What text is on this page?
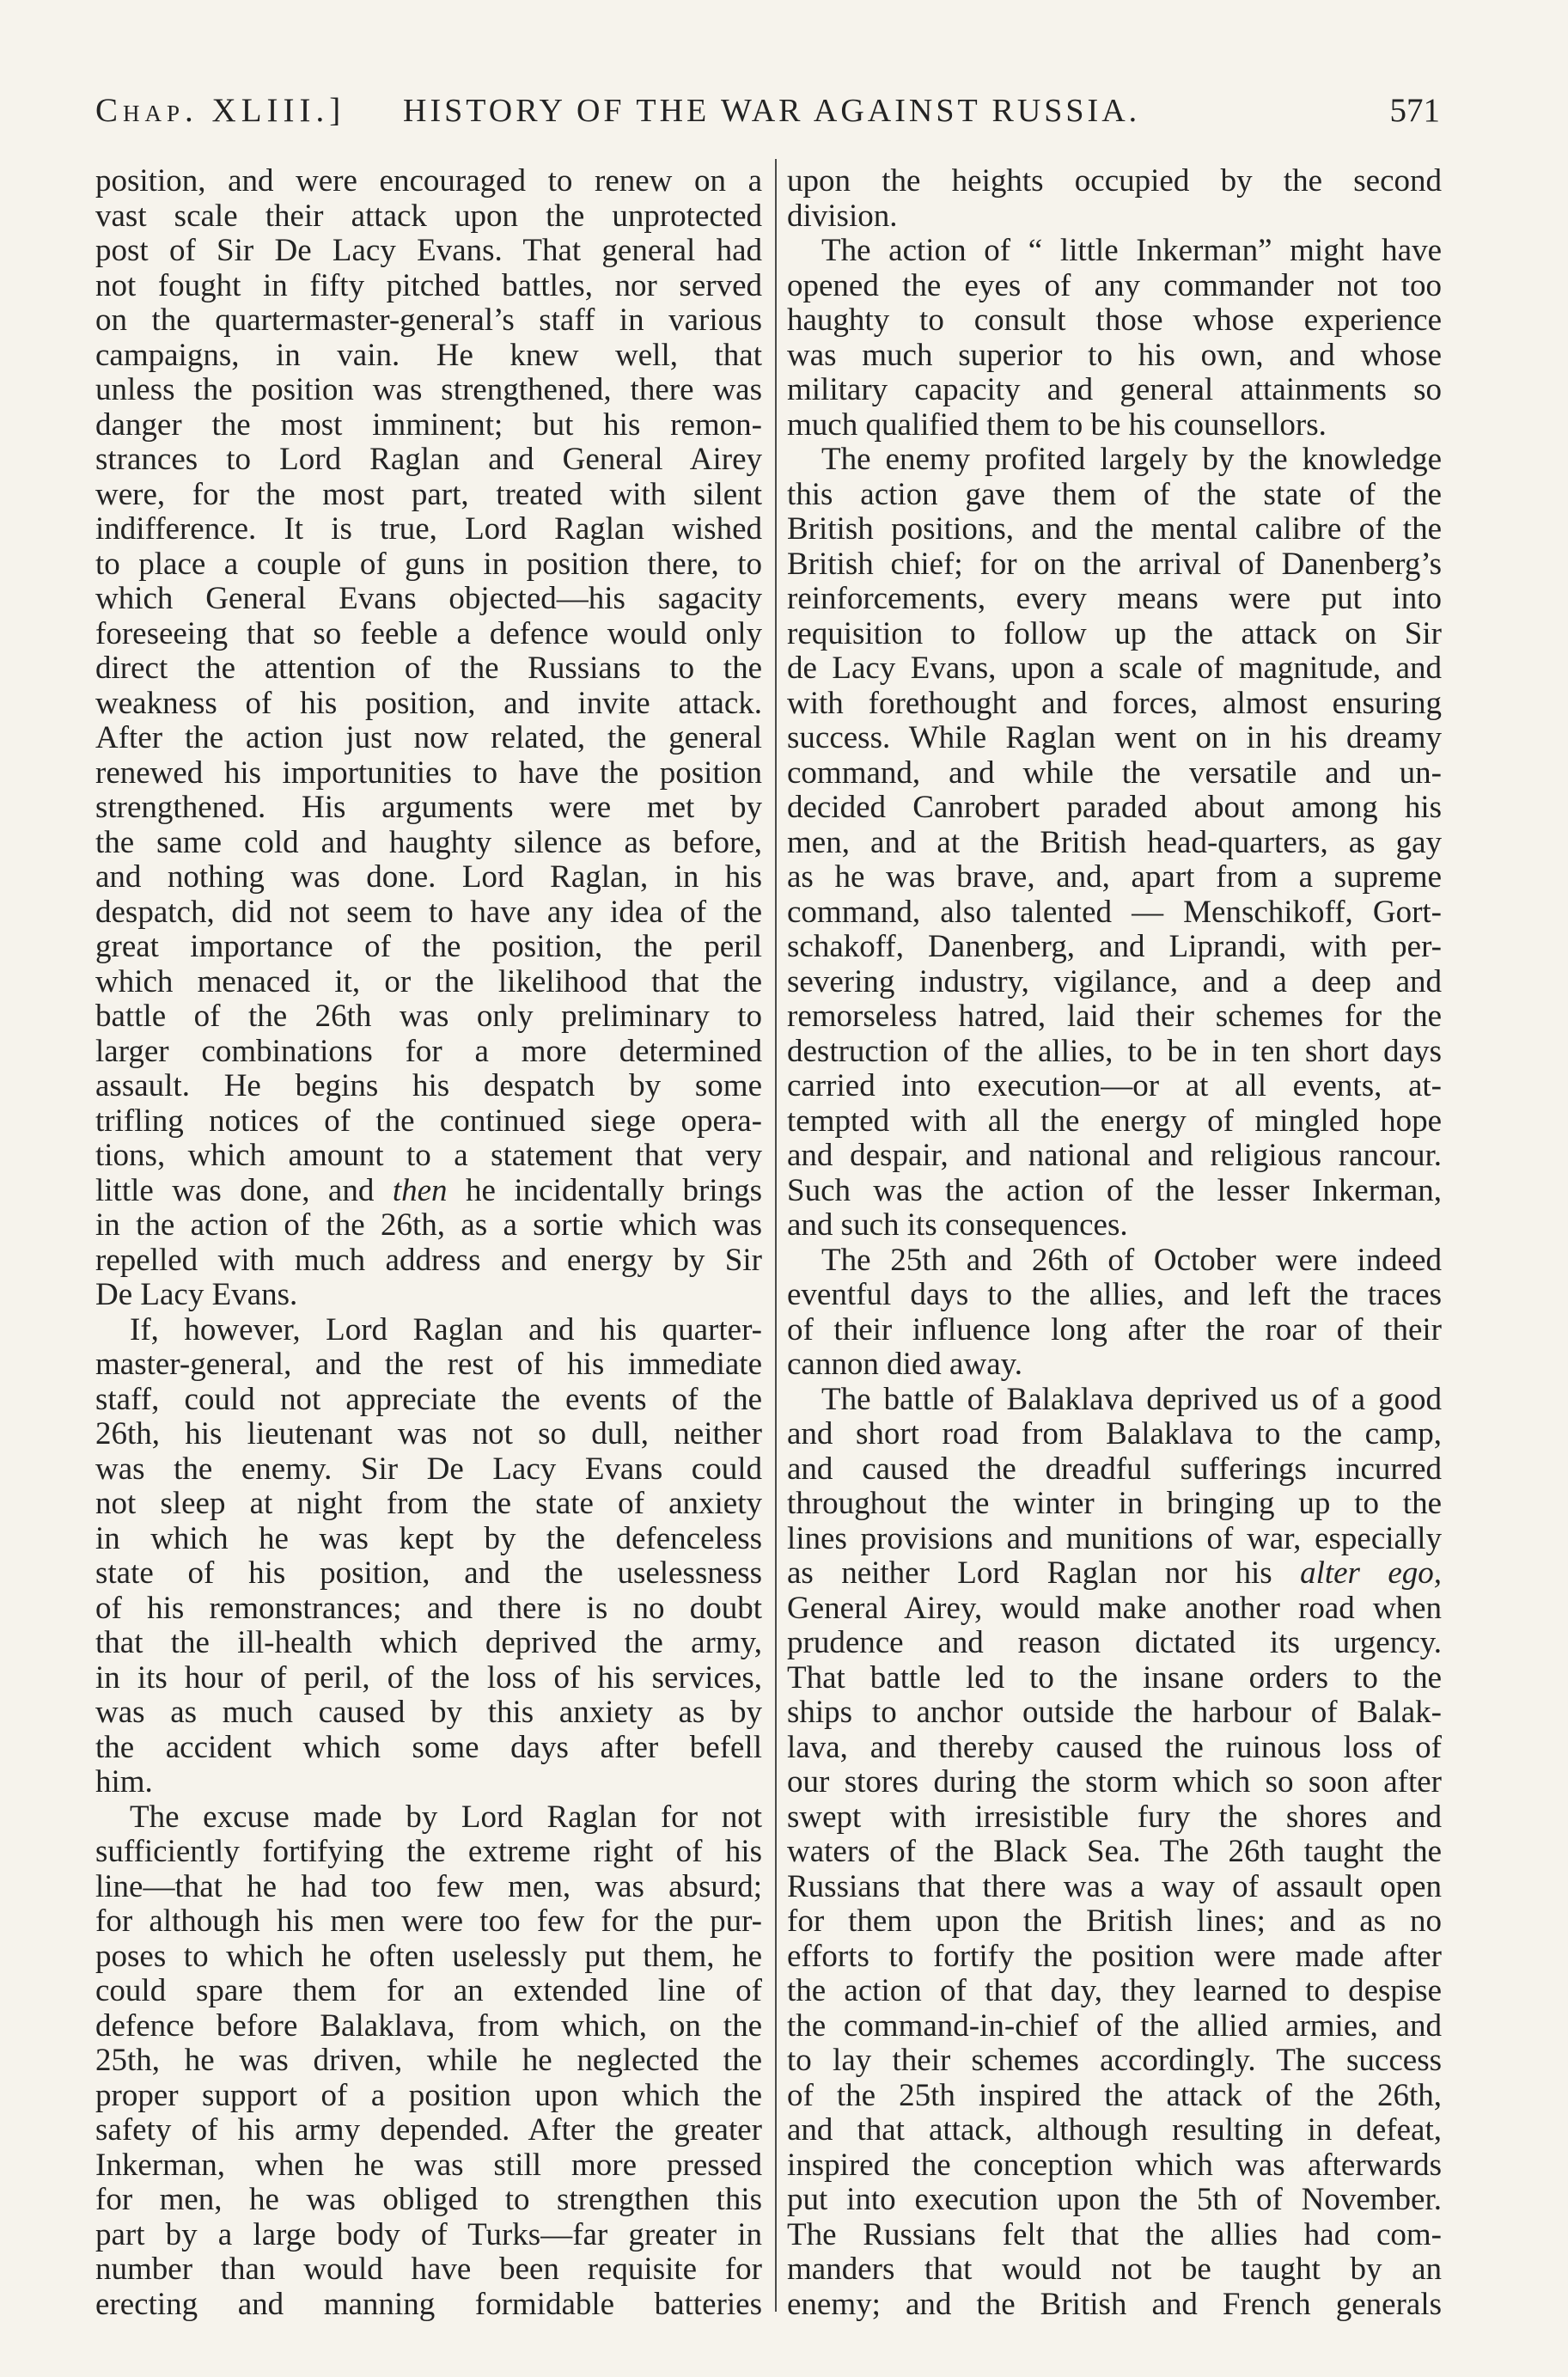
Chap. XLIII.] HISTORY OF THE WAR AGAINST RUSSIA.	571
position, and were encouraged to renew on a
vast scale their attack upon the unprotected
post of Sir De Lacy Evans. That general had
not fought in fifty pitched battles, nor served
on the quartermaster-general’s staff in various
campaigns, in vain. He knew well, that
unless the position was strengthened, there was
danger the most imminent; but his remon-
strances to Lord Raglan and General Airey
were, for the most part, treated with silent
indifference. It is true, Lord Raglan wished
to place a couple of guns in position there, to
which General Evans objected—his sagacity
foreseeing that so feeble a defence would only
direct the attention of the Russians to the
weakness of his position, and invite attack.
After the action just now related, the general
renewed his importunities to have the position
strengthened. His arguments were met by
the same cold and haughty silence as before,
and nothing was done. Lord Raglan, in his
despatch, did not seem to have any idea of the
great importance of the position, the peril
which menaced it, or the likelihood that the
battle of the 26th was only preliminary to
larger combinations for a more determined
assault. He begins his despatch by some
trifling notices of the continued siege opera-
tions, which amount to a statement that very
little was done, and then he incidentally brings
in the action of the 26th, as a sortie which was
repelled with much address and energy by Sir
De Lacy Evans.
If, however, Lord Raglan and his quarter-
master-general, and the rest of his immediate
staff, could not appreciate the events of the
26th, his lieutenant was not so dull, neither
was the enemy. Sir De Lacy Evans could
not sleep at night from the state of anxiety
in which he was kept by the defenceless
state of his position, and the uselessness
of his remonstrances; and there is no doubt
that the ill-health which deprived the army,
in its hour of peril, of the loss of his services,
was as much caused by this anxiety as by
the accident which some days after befell
him.
The excuse made by Lord Raglan for not
sufficiently fortifying the extreme right of his
line—that he had too few men, was absurd;
for although his men were too few for the pur-
poses to which he often uselessly put them, he
could spare them for an extended line of
defence before Balaklava, from which, on the
25th, he was driven, while he neglected the
proper support of a position upon which the
safety of his army depended. After the greater
Inkerman, when he was still more pressed
for men, he was obliged to strengthen this
part by a large body of Turks—far greater in
number than would have been requisite for
erecting and manning formidable batteries
upon the heights occupied by the second
division.
The action of “ little Inkerman” might have
opened the eyes of any commander not too
haughty to consult those whose experience
was much superior to his own, and whose
military capacity and general attainments so
much qualified them to be his counsellors.
The enemy profited largely by the knowledge
this action gave them of the state of the
British positions, and the mental calibre of the
British chief; for on the arrival of Danenberg’s
reinforcements, every means were put into
requisition to follow up the attack on Sir
de Lacy Evans, upon a scale of magnitude, and
with forethought and forces, almost ensuring
success. While Raglan went on in his dreamy
command, and while the versatile and un-
decided Canrobert paraded about among his
men, and at the British head-quarters, as gay
as he was brave, and, apart from a supreme
command, also talented — Menschikoff, Gort-
schakoff, Danenberg, and Liprandi, with per-
severing industry, vigilance, and a deep and
remorseless hatred, laid their schemes for the
destruction of the allies, to be in ten short days
carried into execution—or at all events, at-
tempted with all the energy of mingled hope
and despair, and national and religious rancour.
Such was the action of the lesser Inkerman,
and such its consequences.
The 25th and 26th of October were indeed
eventful days to the allies, and left the traces
of their influence long after the roar of their
cannon died away.
The battle of Balaklava deprived us of a good
and short road from Balaklava to the camp,
and caused the dreadful sufferings incurred
throughout the winter in bringing up to the
lines provisions and munitions of war, especially
as neither Lord Raglan nor his alter ego,
General Airey, would make another road when
prudence and reason dictated its urgency.
That battle led to the insane orders to the
ships to anchor outside the harbour of Balak-
lava, and thereby caused the ruinous loss of
our stores during the storm which so soon after
swept with irresistible fury the shores and
waters of the Black Sea. The 26th taught the
Russians that there was a way of assault open
for them upon the British lines; and as no
efforts to fortify the position were made after
the action of that day, they learned to despise
the command-in-chief of the allied armies, and
to lay their schemes accordingly. The success
of the 25th inspired the attack of the 26th,
and that attack, although resulting in defeat,
inspired the conception which was afterwards
put into execution upon the 5th of November.
The Russians felt that the allies had com-
manders that would not be taught by an
enemy; and the British and French generals
